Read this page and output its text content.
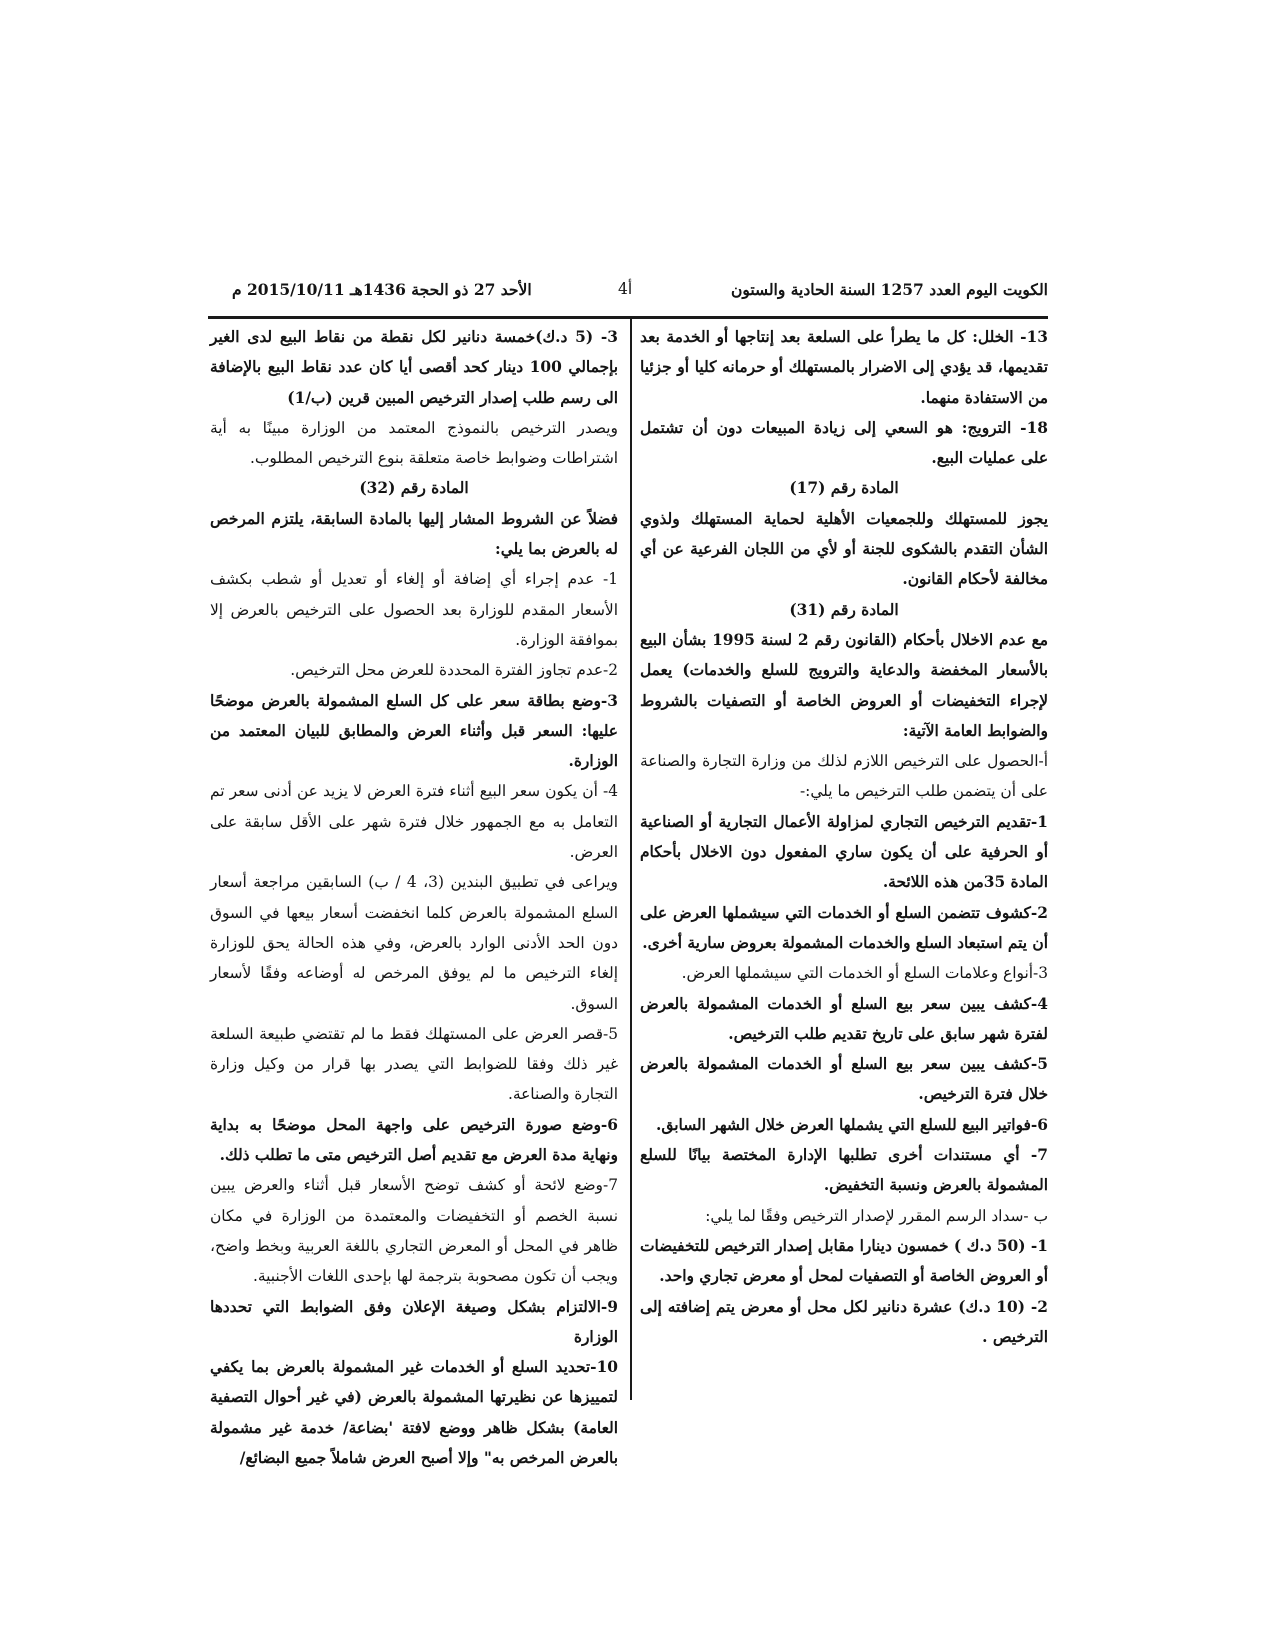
الكويت اليوم العدد 1257 السنة الحادية والستون
4أ
الأحد 27 ذو الحجة 1436هـ 2015/10/11 م

13- الخلل: كل ما يطرأ على السلعة بعد إنتاجها أو الخدمة بعد تقديمها، قد يؤدي إلى الاضرار بالمستهلك أو حرمانه كليا أو جزئيا من الاستفادة منهما.

18- الترويج: هو السعي إلى زيادة المبيعات دون أن تشتمل على عمليات البيع.

المادة رقم (17)

يجوز للمستهلك وللجمعيات الأهلية لحماية المستهلك ولذوي الشأن التقدم بالشكوى للجنة أو لأي من اللجان الفرعية عن أي مخالفة لأحكام القانون.

المادة رقم (31)

مع عدم الاخلال بأحكام (القانون رقم 2 لسنة 1995 بشأن البيع بالأسعار المخفضة والدعاية والترويج للسلع والخدمات) يعمل لإجراء التخفيضات أو العروض الخاصة أو التصفيات بالشروط والضوابط العامة الآتية:

أ-الحصول على الترخيص اللازم لذلك من وزارة التجارة والصناعة على أن يتضمن طلب الترخيص ما يلي:-

1-تقديم الترخيص التجاري لمزاولة الأعمال التجارية أو الصناعية أو الحرفية على أن يكون ساري المفعول دون الاخلال بأحكام المادة 35من هذه اللائحة.

2-كشوف تتضمن السلع أو الخدمات التي سيشملها العرض على أن يتم استبعاد السلع والخدمات المشمولة بعروض سارية أخرى.

3-أنواع وعلامات السلع أو الخدمات التي سيشملها العرض.

4-كشف يبين سعر بيع السلع أو الخدمات المشمولة بالعرض لفترة شهر سابق على تاريخ تقديم طلب الترخيص.

5-كشف يبين سعر بيع السلع أو الخدمات المشمولة بالعرض خلال فترة الترخيص.

6-فواتير البيع للسلع التي يشملها العرض خلال الشهر السابق.

7- أي مستندات أخرى تطلبها الإدارة المختصة بيانًا للسلع المشمولة بالعرض ونسبة التخفيض.

ب -سداد الرسم المقرر لإصدار الترخيص وفقًا لما يلي:

1- (50 د.ك ) خمسون دينارا مقابل إصدار الترخيص للتخفيضات أو العروض الخاصة أو التصفيات لمحل أو معرض تجاري واحد.

2- (10 د.ك) عشرة دنانير لكل محل أو معرض يتم إضافته إلى الترخيص .

3- (5 د.ك)خمسة دنانير لكل نقطة من نقاط البيع لدى الغير بإجمالي 100 دينار كحد أقصى أيا كان عدد نقاط البيع بالإضافة الى رسم طلب إصدار الترخيص المبين قرين (ب/1)

ويصدر الترخيص بالنموذج المعتمد من الوزارة مبينًا به أية اشتراطات وضوابط خاصة متعلقة بنوع الترخيص المطلوب.

المادة رقم (32)

فضلاً عن الشروط المشار إليها بالمادة السابقة، يلتزم المرخص له بالعرض بما يلي:

1- عدم إجراء أي إضافة أو إلغاء أو تعديل أو شطب بكشف الأسعار المقدم للوزارة بعد الحصول على الترخيص بالعرض إلا بموافقة الوزارة.

2-عدم تجاوز الفترة المحددة للعرض محل الترخيص.

3-وضع بطاقة سعر على كل السلع المشمولة بالعرض موضحًا عليها: السعر قبل وأثناء العرض والمطابق للبيان المعتمد من الوزارة.

4- أن يكون سعر البيع أثناء فترة العرض لا يزيد عن أدنى سعر تم التعامل به مع الجمهور خلال فترة شهر على الأقل سابقة على العرض.

ويراعى في تطبيق البندين (3، 4 / ب) السابقين مراجعة أسعار السلع المشمولة بالعرض كلما انخفضت أسعار بيعها في السوق دون الحد الأدنى الوارد بالعرض، وفي هذه الحالة يحق للوزارة إلغاء الترخيص ما لم يوفق المرخص له أوضاعه وفقًا لأسعار السوق.

5-قصر العرض على المستهلك فقط ما لم تقتضي طبيعة السلعة غير ذلك وفقا للضوابط التي يصدر بها قرار من وكيل وزارة التجارة والصناعة.

6-وضع صورة الترخيص على واجهة المحل موضحًا به بداية ونهاية مدة العرض مع تقديم أصل الترخيص متى ما تطلب ذلك.

7-وضع لائحة أو كشف توضح الأسعار قبل أثناء والعرض يبين نسبة الخصم أو التخفيضات والمعتمدة من الوزارة في مكان ظاهر في المحل أو المعرض التجاري باللغة العربية وبخط واضح، ويجب أن تكون مصحوبة بترجمة لها بإحدى اللغات الأجنبية.

9-الالتزام بشكل وصيغة الإعلان وفق الضوابط التي تحددها الوزارة

10-تحديد السلع أو الخدمات غير المشمولة بالعرض بما يكفي لتمييزها عن نظيرتها المشمولة بالعرض (في غير أحوال التصفية العامة) بشكل ظاهر ووضع لافتة 'بضاعة/ خدمة غير مشمولة بالعرض المرخص به" وإلا أصبح العرض شاملاً جميع البضائع/
